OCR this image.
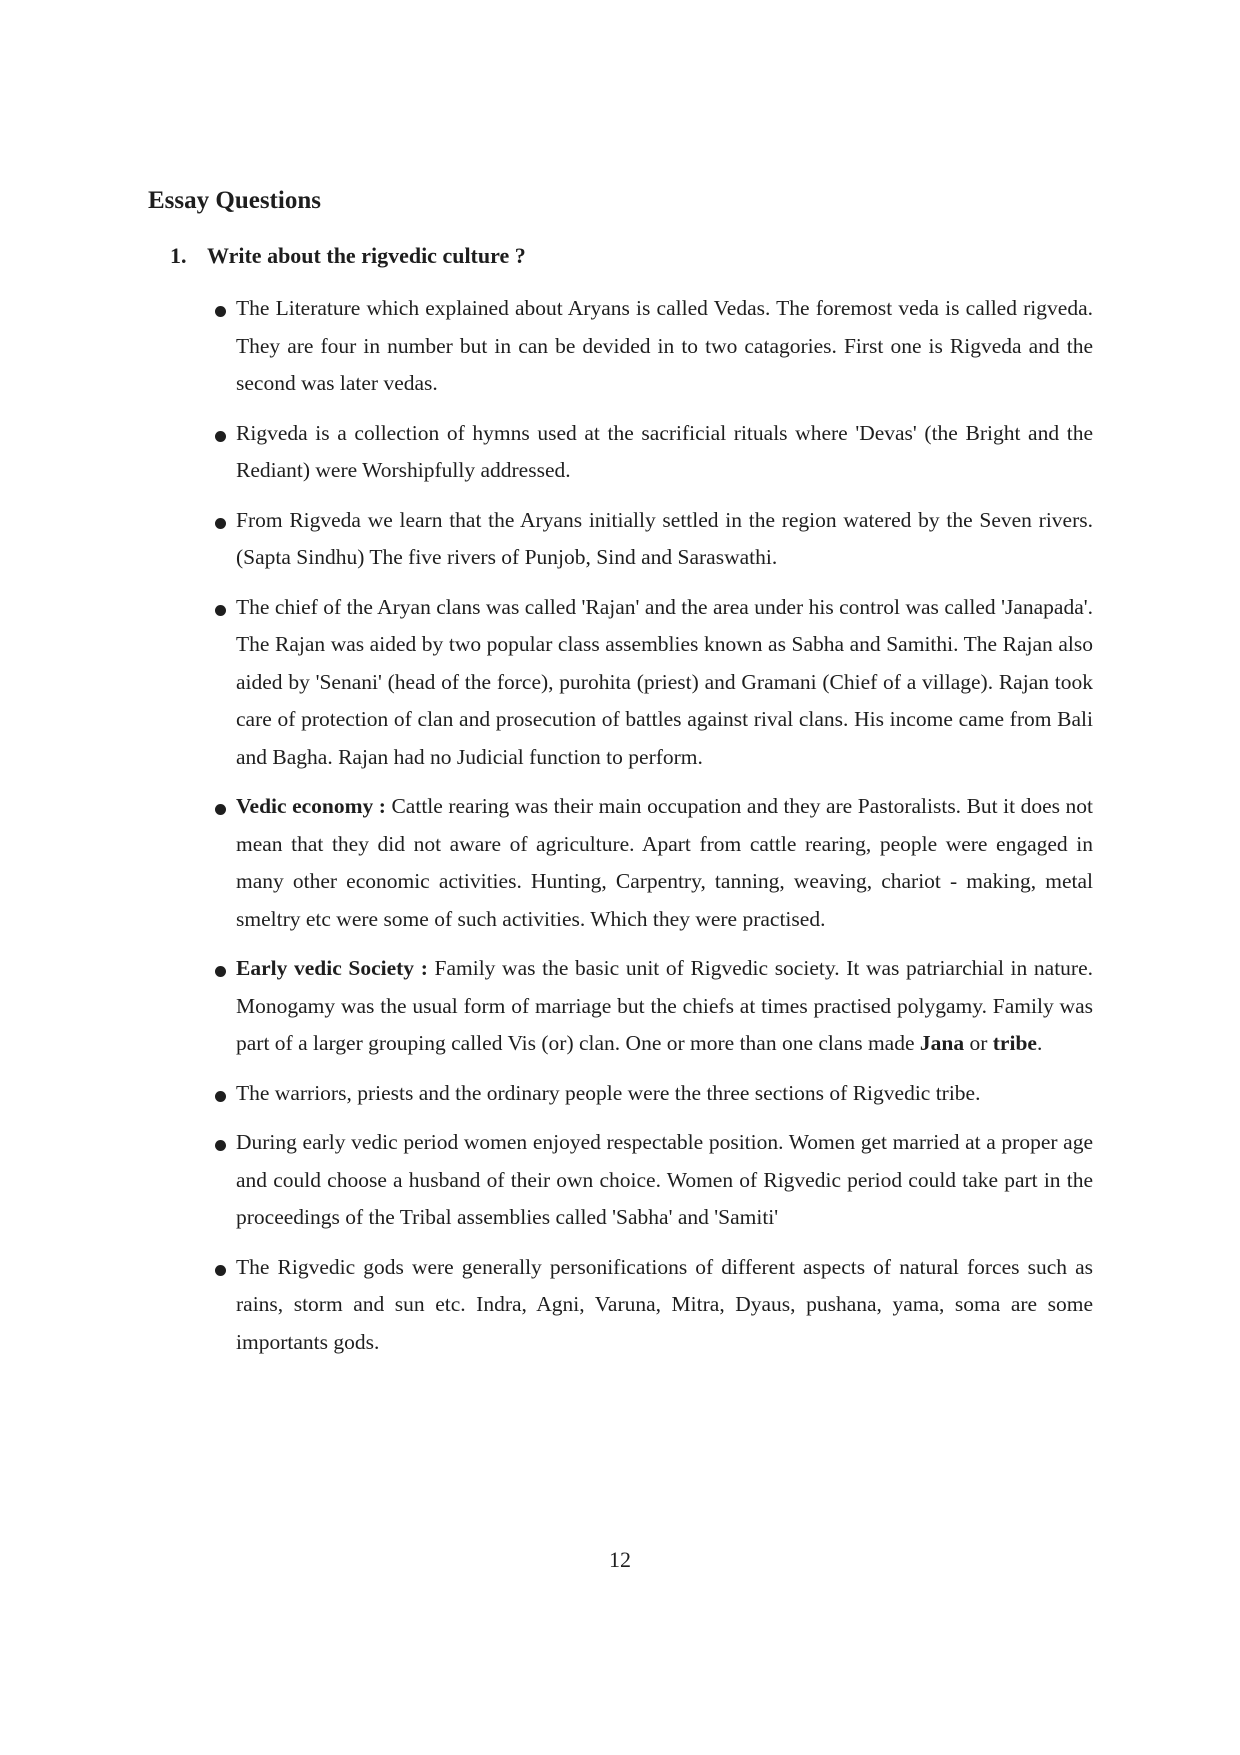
Essay Questions

1. Write about the rigvedic culture ?

The Literature which explained about Aryans is called Vedas. The foremost veda is called rigveda. They are four in number but in can be devided in to two catagories. First one is Rigveda and the second was later vedas.
Rigveda is a collection of hymns used at the sacrificial rituals where 'Devas' (the Bright and the Rediant) were Worshipfully addressed.
From Rigveda we learn that the Aryans initially settled in the region watered by the Seven rivers. (Sapta Sindhu) The five rivers of Punjob, Sind and Saraswathi.
The chief of the Aryan clans was called 'Rajan' and the area under his control was called 'Janapada'. The Rajan was aided by two popular class assemblies known as Sabha and Samithi. The Rajan also aided by 'Senani' (head of the force), purohita (priest) and Gramani (Chief of a village). Rajan took care of protection of clan and prosecution of battles against rival clans. His income came from Bali and Bagha. Rajan had no Judicial function to perform.
Vedic economy : Cattle rearing was their main occupation and they are Pastoralists. But it does not mean that they did not aware of agriculture. Apart from cattle rearing, people were engaged in many other economic activities. Hunting, Carpentry, tanning, weaving, chariot - making, metal smeltry etc were some of such activities. Which they were practised.
Early vedic Society : Family was the basic unit of Rigvedic society. It was patriarchial in nature. Monogamy was the usual form of marriage but the chiefs at times practised polygamy. Family was part of a larger grouping called Vis (or) clan. One or more than one clans made Jana or tribe.
The warriors, priests and the ordinary people were the three sections of Rigvedic tribe.
During early vedic period women enjoyed respectable position. Women get married at a proper age and could choose a husband of their own choice. Women of Rigvedic period could take part in the proceedings of the Tribal assemblies called 'Sabha' and 'Samiti'
The Rigvedic gods were generally personifications of different aspects of natural forces such as rains, storm and sun etc. Indra, Agni, Varuna, Mitra, Dyaus, pushana, yama, soma are some importants gods.

12
